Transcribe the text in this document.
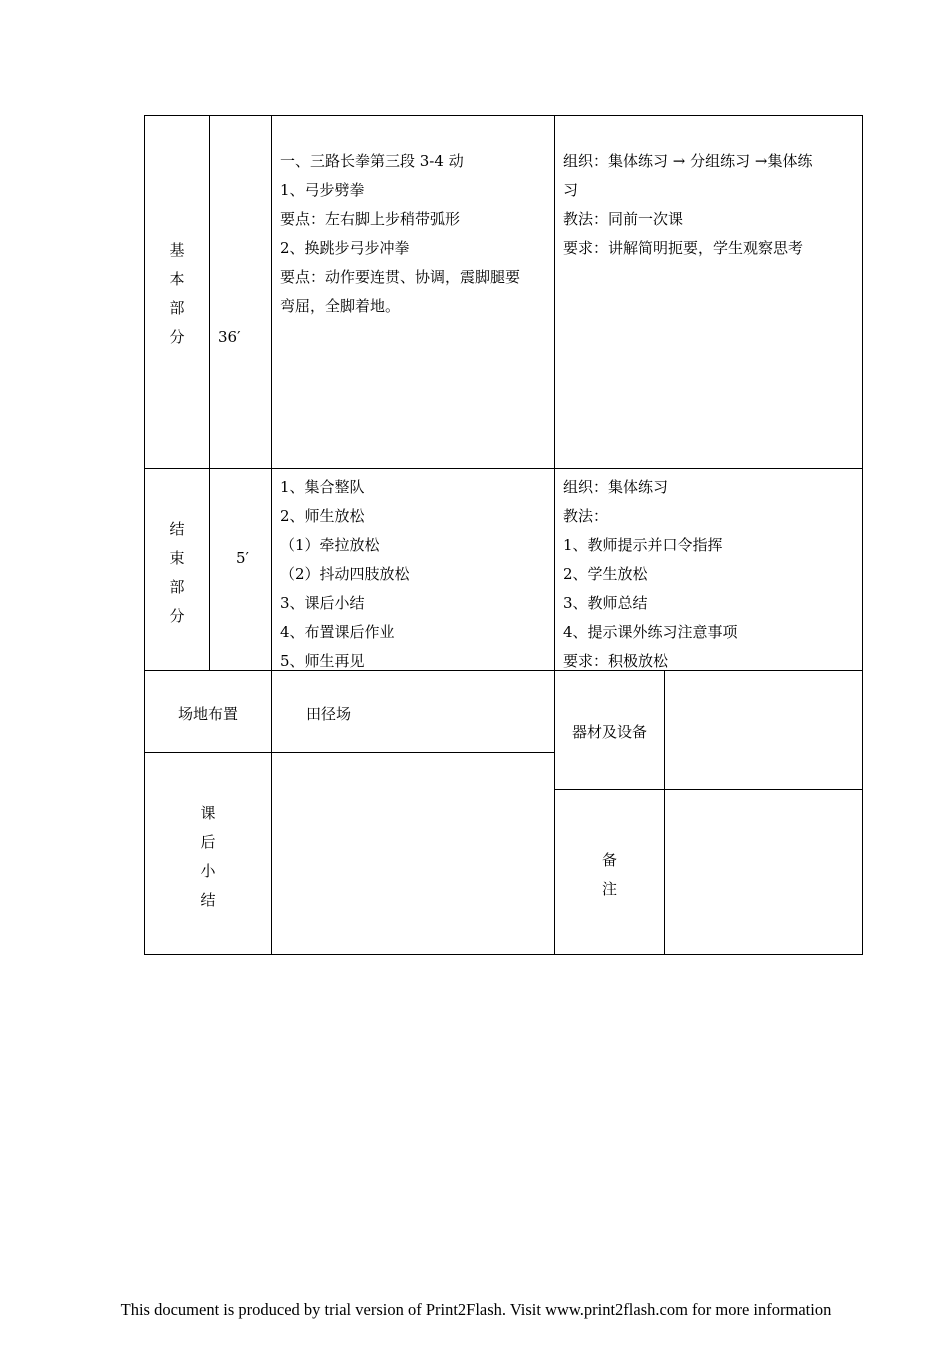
基
本
部
分	36′
一、三路长拳第三段 3-4 动
1、弓步劈拳
要点：左右脚上步稍带弧形
2、换跳步弓步冲拳
要点：动作要连贯、协调，震脚腿要
弯屈，全脚着地。
组织：集体练习 → 分组练习 →集体练
习
教法：同前一次课
要求：讲解简明扼要，学生观察思考
结
束
部
分
5′
1、集合整队
2、师生放松
（1）牵拉放松
（2）抖动四肢放松
3、课后小结
4、布置课后作业
5、师生再见
组织：集体练习
教法：
1、教师提示并口令指挥
2、学生放松
3、教师总结
4、提示课外练习注意事项
要求：积极放松
场地布置	田径场
器材及设备
课
后
小
结
备
注
This document is produced by trial version of Print2Flash. Visit www.print2flash.com for more information
